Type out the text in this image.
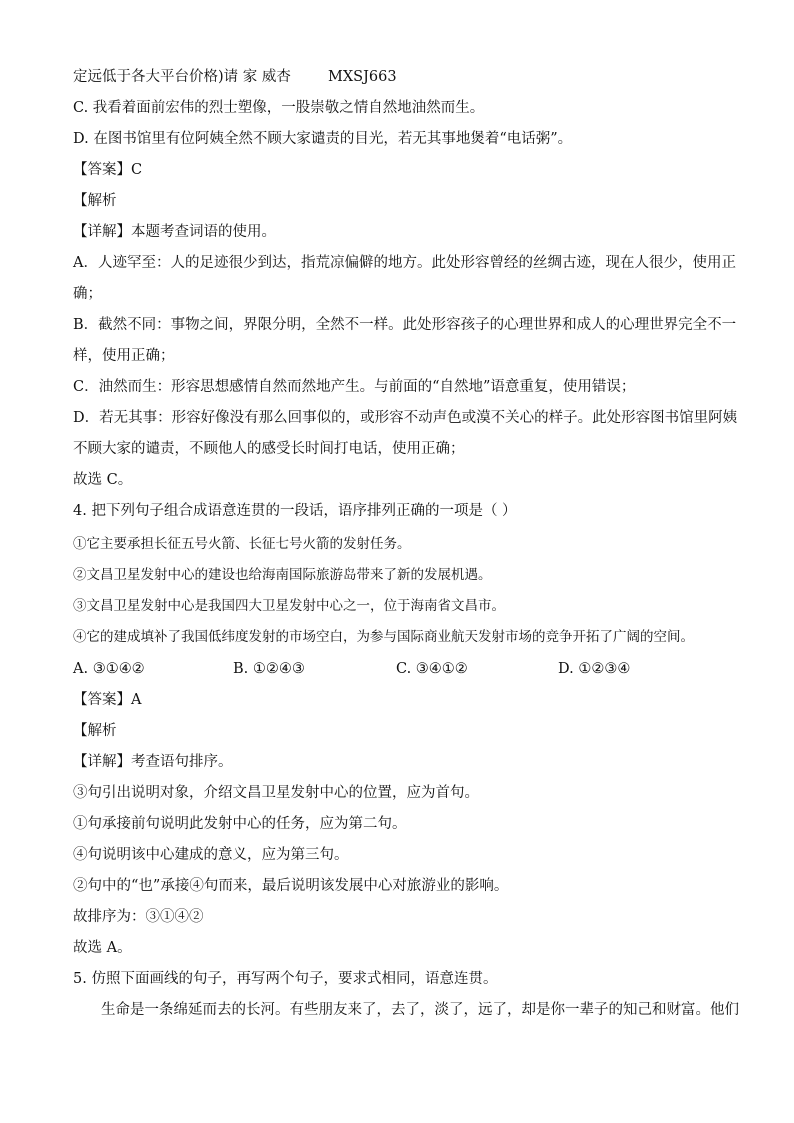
定远低于各大平台价格)请 家 威杏	MXSJ663
C. 我看着面前宏伟的烈士塑像，一股崇敬之情自然地油然而生。
D. 在图书馆里有位阿姨全然不顾大家谴责的目光，若无其事地煲着“电话粥”。
【答案】C
【解析
【详解】本题考查词语的使用。
A．人迹罕至：人的足迹很少到达，指荒凉偏僻的地方。此处形容曾经的丝绸古迹，现在人很少，使用正
确；
B．截然不同：事物之间，界限分明，全然不一样。此处形容孩子的心理世界和成人的心理世界完全不一
样，使用正确；
C．油然而生：形容思想感情自然而然地产生。与前面的“自然地”语意重复，使用错误；
D．若无其事：形容好像没有那么回事似的，或形容不动声色或漠不关心的样子。此处形容图书馆里阿姨
不顾大家的谴责，不顾他人的感受长时间打电话，使用正确；
故选 C。
4. 把下列句子组合成语意连贯的一段话，语序排列正确的一项是（ ）
①它主要承担长征五号火箭、长征七号火箭的发射任务。
②文昌卫星发射中心的建设也给海南国际旅游岛带来了新的发展机遇。
③文昌卫星发射中心是我国四大卫星发射中心之一，位于海南省文昌市。
④它的建成填补了我国低纬度发射的市场空白，为参与国际商业航天发射市场的竞争开拓了广阔的空间。
A. ③①④②	B. ①②④③	C. ③④①②	D. ①②③④
【答案】A
【解析
【详解】考查语句排序。
③句引出说明对象，介绍文昌卫星发射中心的位置，应为首句。
①句承接前句说明此发射中心的任务，应为第二句。
④句说明该中心建成的意义，应为第三句。
②句中的“也”承接④句而来，最后说明该发展中心对旅游业的影响。
故排序为：③①④②
故选 A。
5. 仿照下面画线的句子，再写两个句子，要求式相同，语意连贯。
生命是一条绵延而去的长河。有些朋友来了，去了，淡了，远了，却是你一辈子的知己和财富。他们
